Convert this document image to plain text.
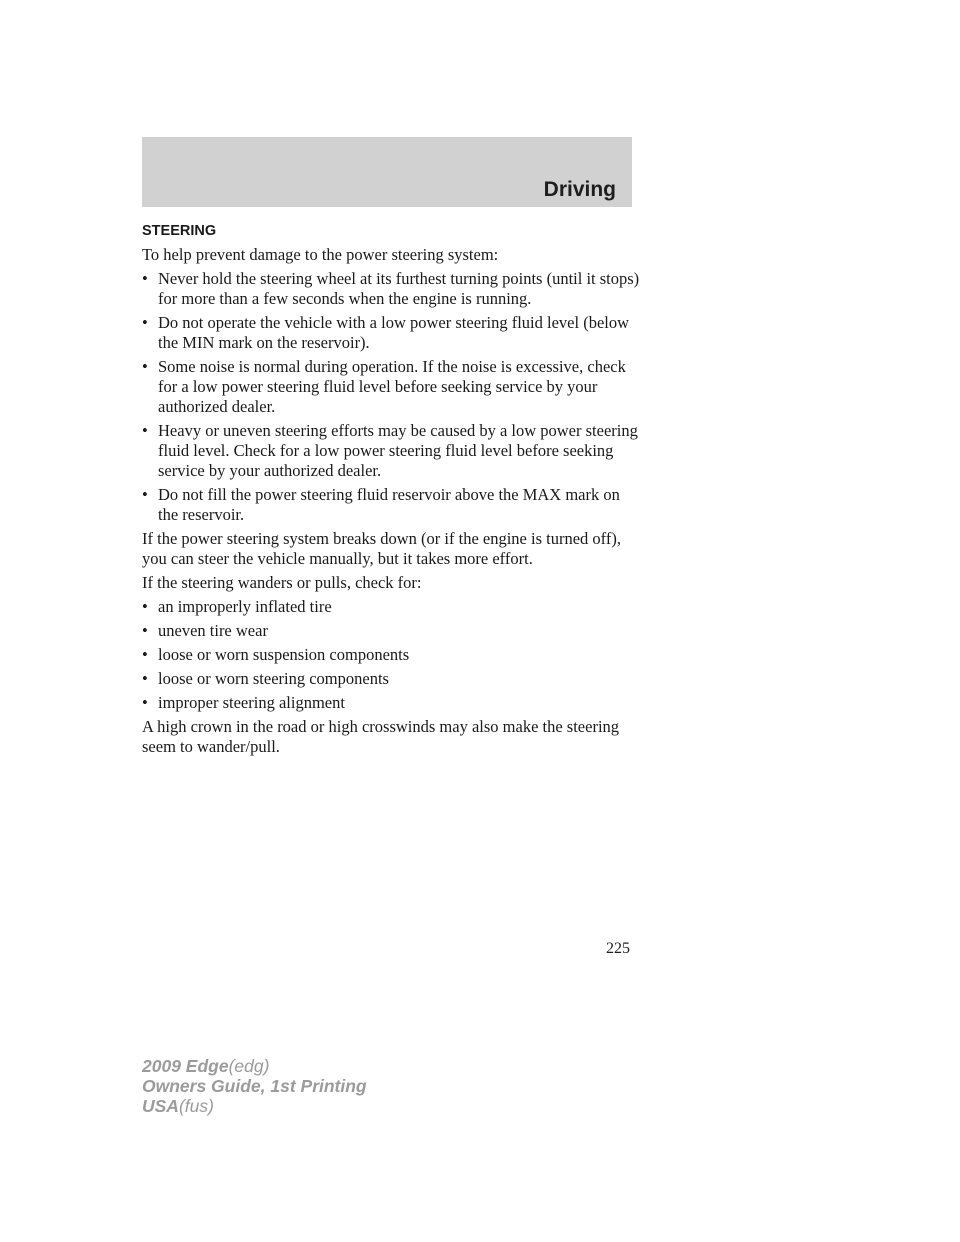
Driving
STEERING
To help prevent damage to the power steering system:
• Never hold the steering wheel at its furthest turning points (until it stops) for more than a few seconds when the engine is running.
• Do not operate the vehicle with a low power steering fluid level (below the MIN mark on the reservoir).
• Some noise is normal during operation. If the noise is excessive, check for a low power steering fluid level before seeking service by your authorized dealer.
• Heavy or uneven steering efforts may be caused by a low power steering fluid level. Check for a low power steering fluid level before seeking service by your authorized dealer.
• Do not fill the power steering fluid reservoir above the MAX mark on the reservoir.
If the power steering system breaks down (or if the engine is turned off), you can steer the vehicle manually, but it takes more effort.
If the steering wanders or pulls, check for:
• an improperly inflated tire
• uneven tire wear
• loose or worn suspension components
• loose or worn steering components
• improper steering alignment
A high crown in the road or high crosswinds may also make the steering seem to wander/pull.
225
2009 Edge(edg)
Owners Guide, 1st Printing
USA(fus)
